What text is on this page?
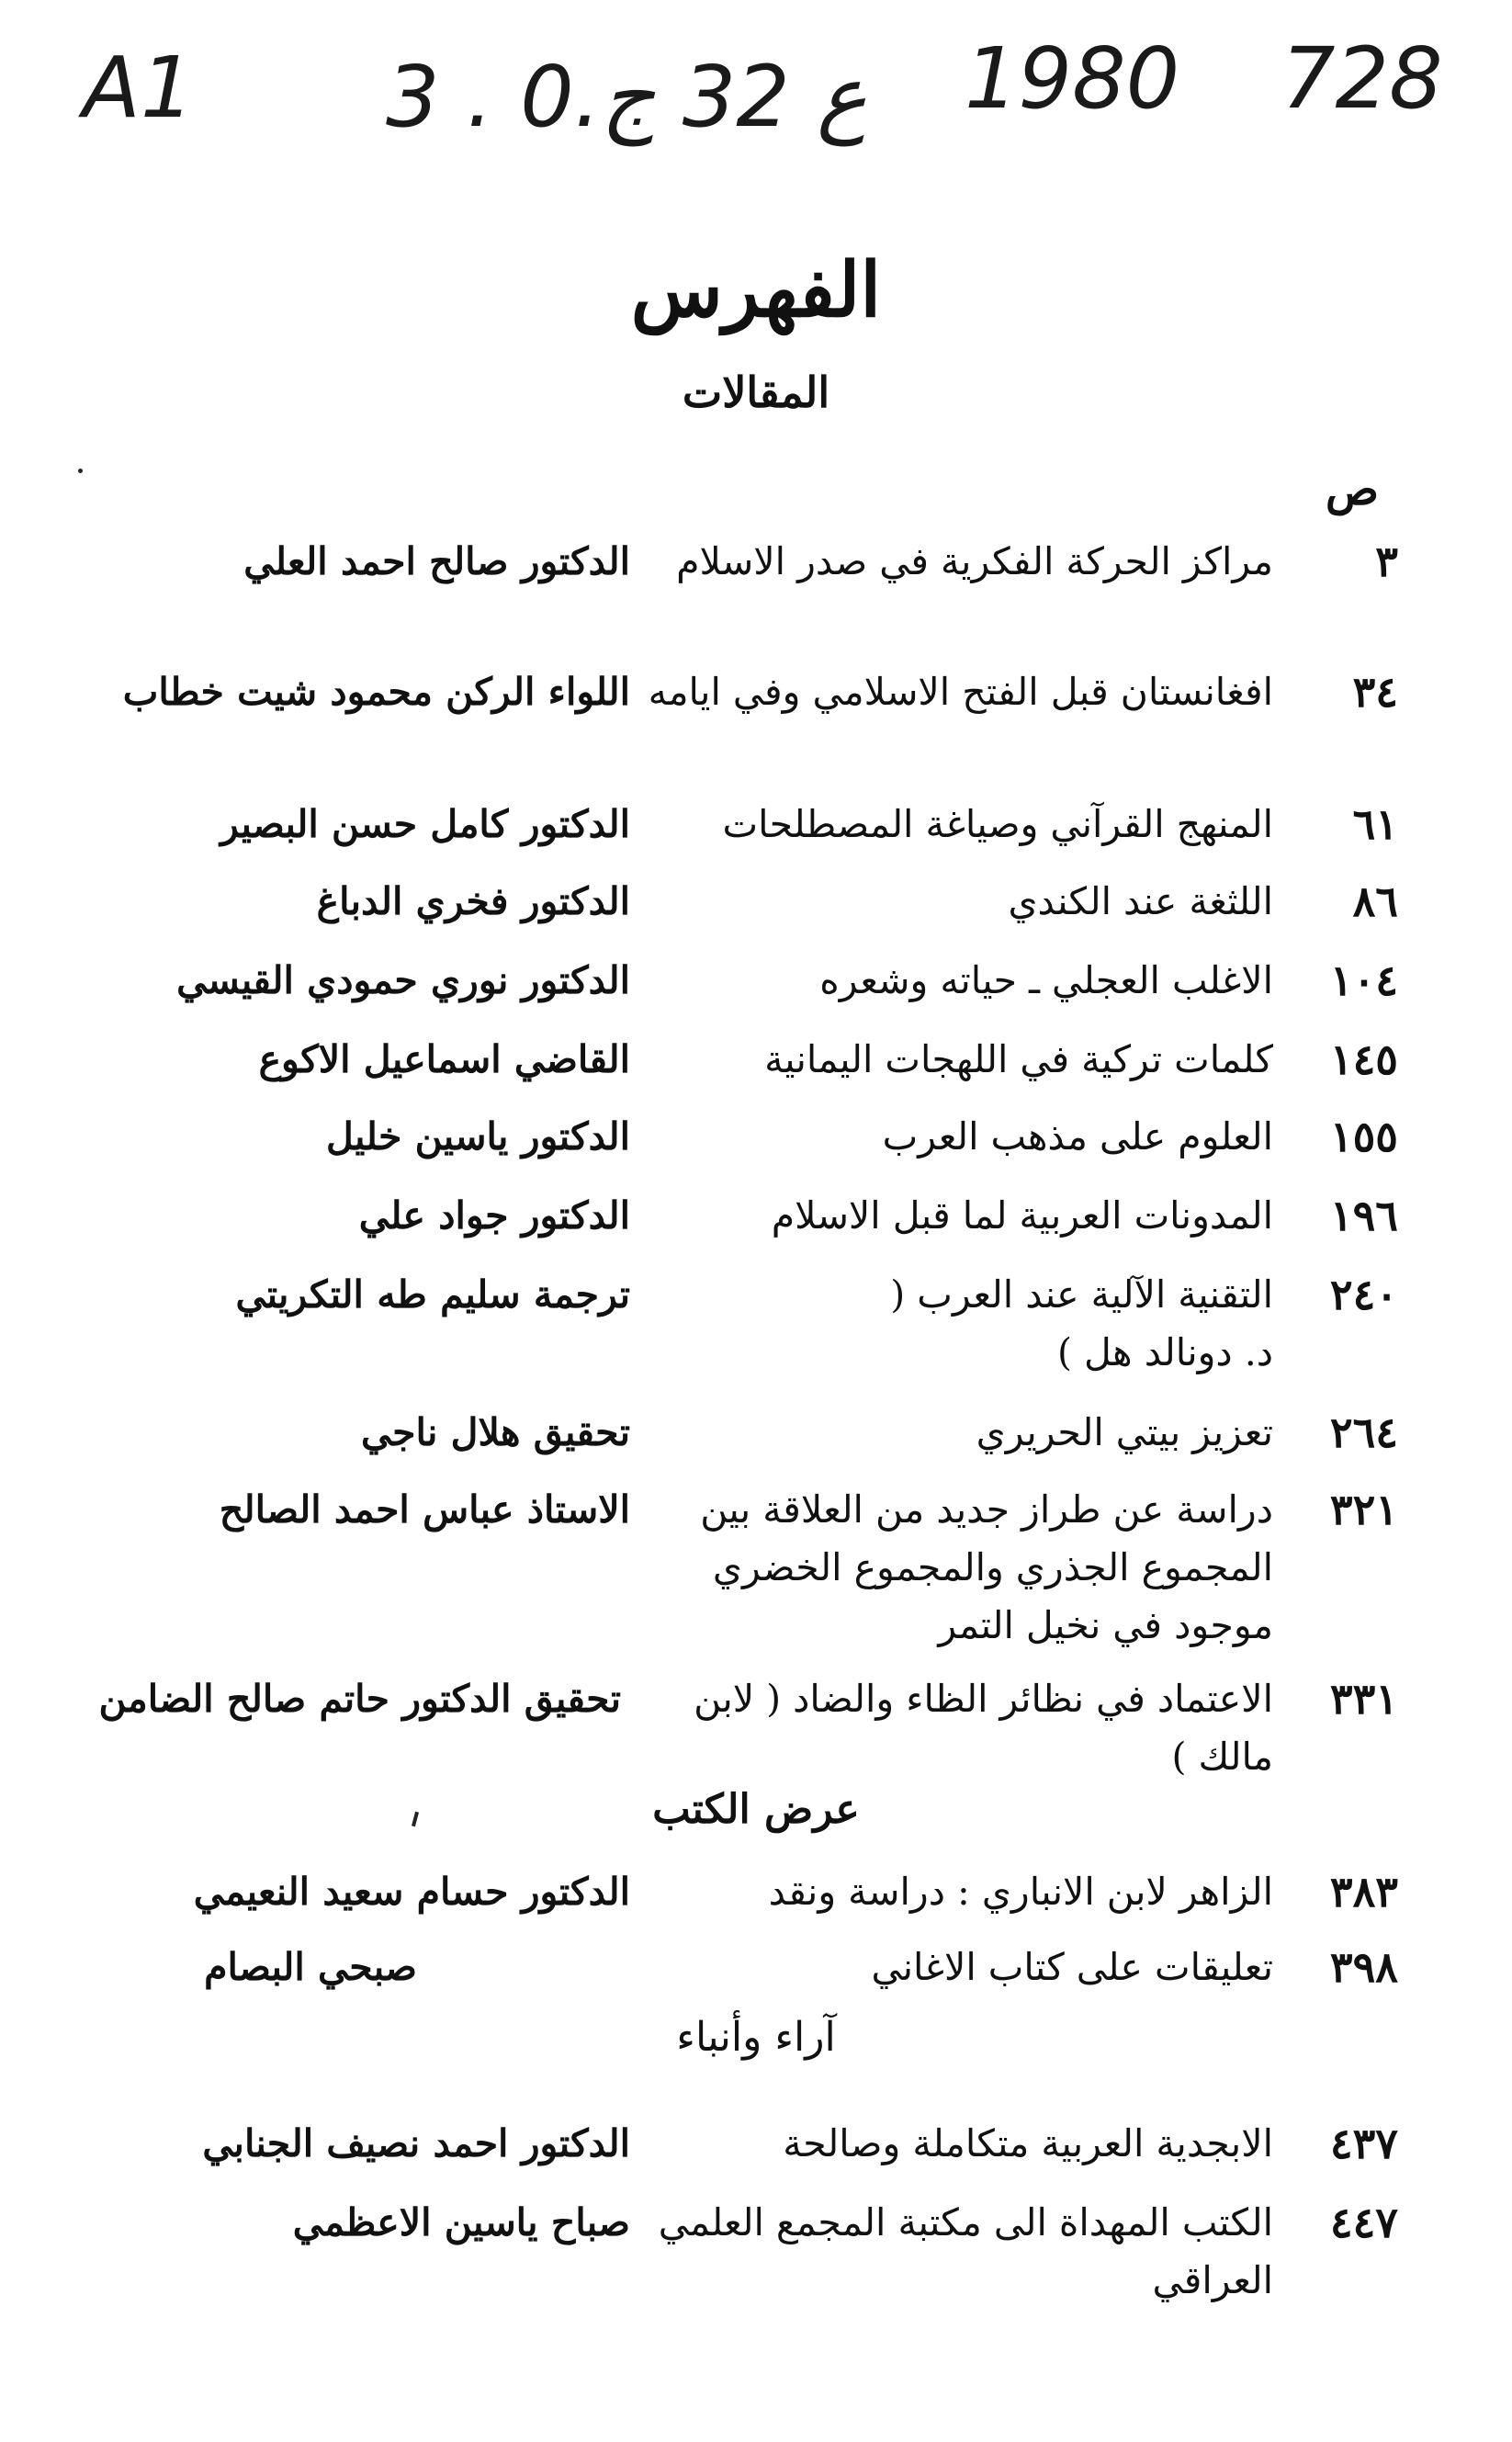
A1 3 . ع 32 ج.0 1980 728
الفهرس
المقالات
ص
٣
مراكز الحركة الفكرية في صدر الاسلام
الدكتور صالح احمد العلي
٣٤
افغانستان قبل الفتح الاسلامي وفي ايامه
اللواء الركن محمود شيت خطاب
٦١
المنهج القرآني وصياغة المصطلحات
الدكتور كامل حسن البصير
٨٦
اللثغة عند الكندي
الدكتور فخري الدباغ
١٠٤
الاغلب العجلي ـ حياته وشعره
الدكتور نوري حمودي القيسي
١٤٥
كلمات تركية في اللهجات اليمانية
القاضي اسماعيل الاكوع
١٥٥
العلوم على مذهب العرب
الدكتور ياسين خليل
١٩٦
المدونات العربية لما قبل الاسلام
الدكتور جواد علي
٢٤٠
التقنية الآلية عند العرب ( د. دونالد هل )
ترجمة سليم طه التكريتي
٢٦٤
تعزيز بيتي الحريري
تحقيق هلال ناجي
٣٢١
دراسة عن طراز جديد من العلاقة بين المجموع الجذري والمجموع الخضري موجود في نخيل التمر
الاستاذ عباس احمد الصالح
٣٣١
الاعتماد في نظائر الظاء والضاد ( لابن مالك )
تحقيق الدكتور حاتم صالح الضامن
عرض الكتب
٣٨٣
الزاهر لابن الانباري : دراسة ونقد
الدكتور حسام سعيد النعيمي
٣٩٨
تعليقات على كتاب الاغاني
صبحي البصام
آراء وأنباء
٤٣٧
الابجدية العربية متكاملة وصالحة
الدكتور احمد نصيف الجنابي
٤٤٧
الكتب المهداة الى مكتبة المجمع العلمي العراقي
صباح ياسين الاعظمي
